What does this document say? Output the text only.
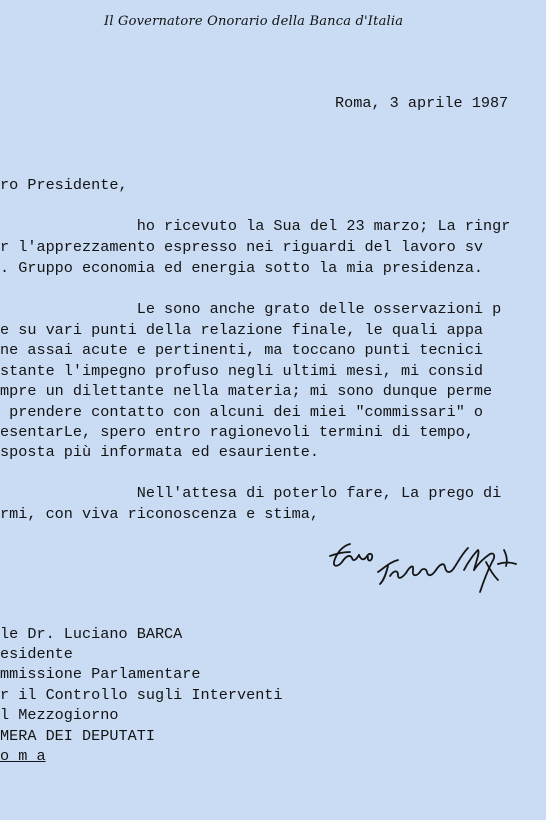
Il Governatore Onorario della Banca d'Italia
Roma, 3 aprile 1987
ro Presidente,
ho ricevuto la Sua del 23 marzo; La ringr
r l'apprezzamento espresso nei riguardi del lavoro sv
. Gruppo economia ed energia sotto la mia presidenza.
Le sono anche grato delle osservazioni p
e su vari punti della relazione finale, le quali appa
ne assai acute e pertinenti, ma toccano punti tecnici
stante l'impegno profuso negli ultimi mesi, mi consid
mpre un dilettante nella materia; mi sono dunque perme
prendere contatto con alcuni dei miei "commissari" o
esentarLe, spero entro ragionevoli termini di tempo,
sposta più informata ed esauriente.
Nell'attesa di poterlo fare, La prego di
rmi, con viva riconoscenza e stima,
le Dr. Luciano BARCA
esidente
mmissione Parlamentare
r il Controllo sugli Interventi
l Mezzogiorno
MERA DEI DEPUTATI
o m a
